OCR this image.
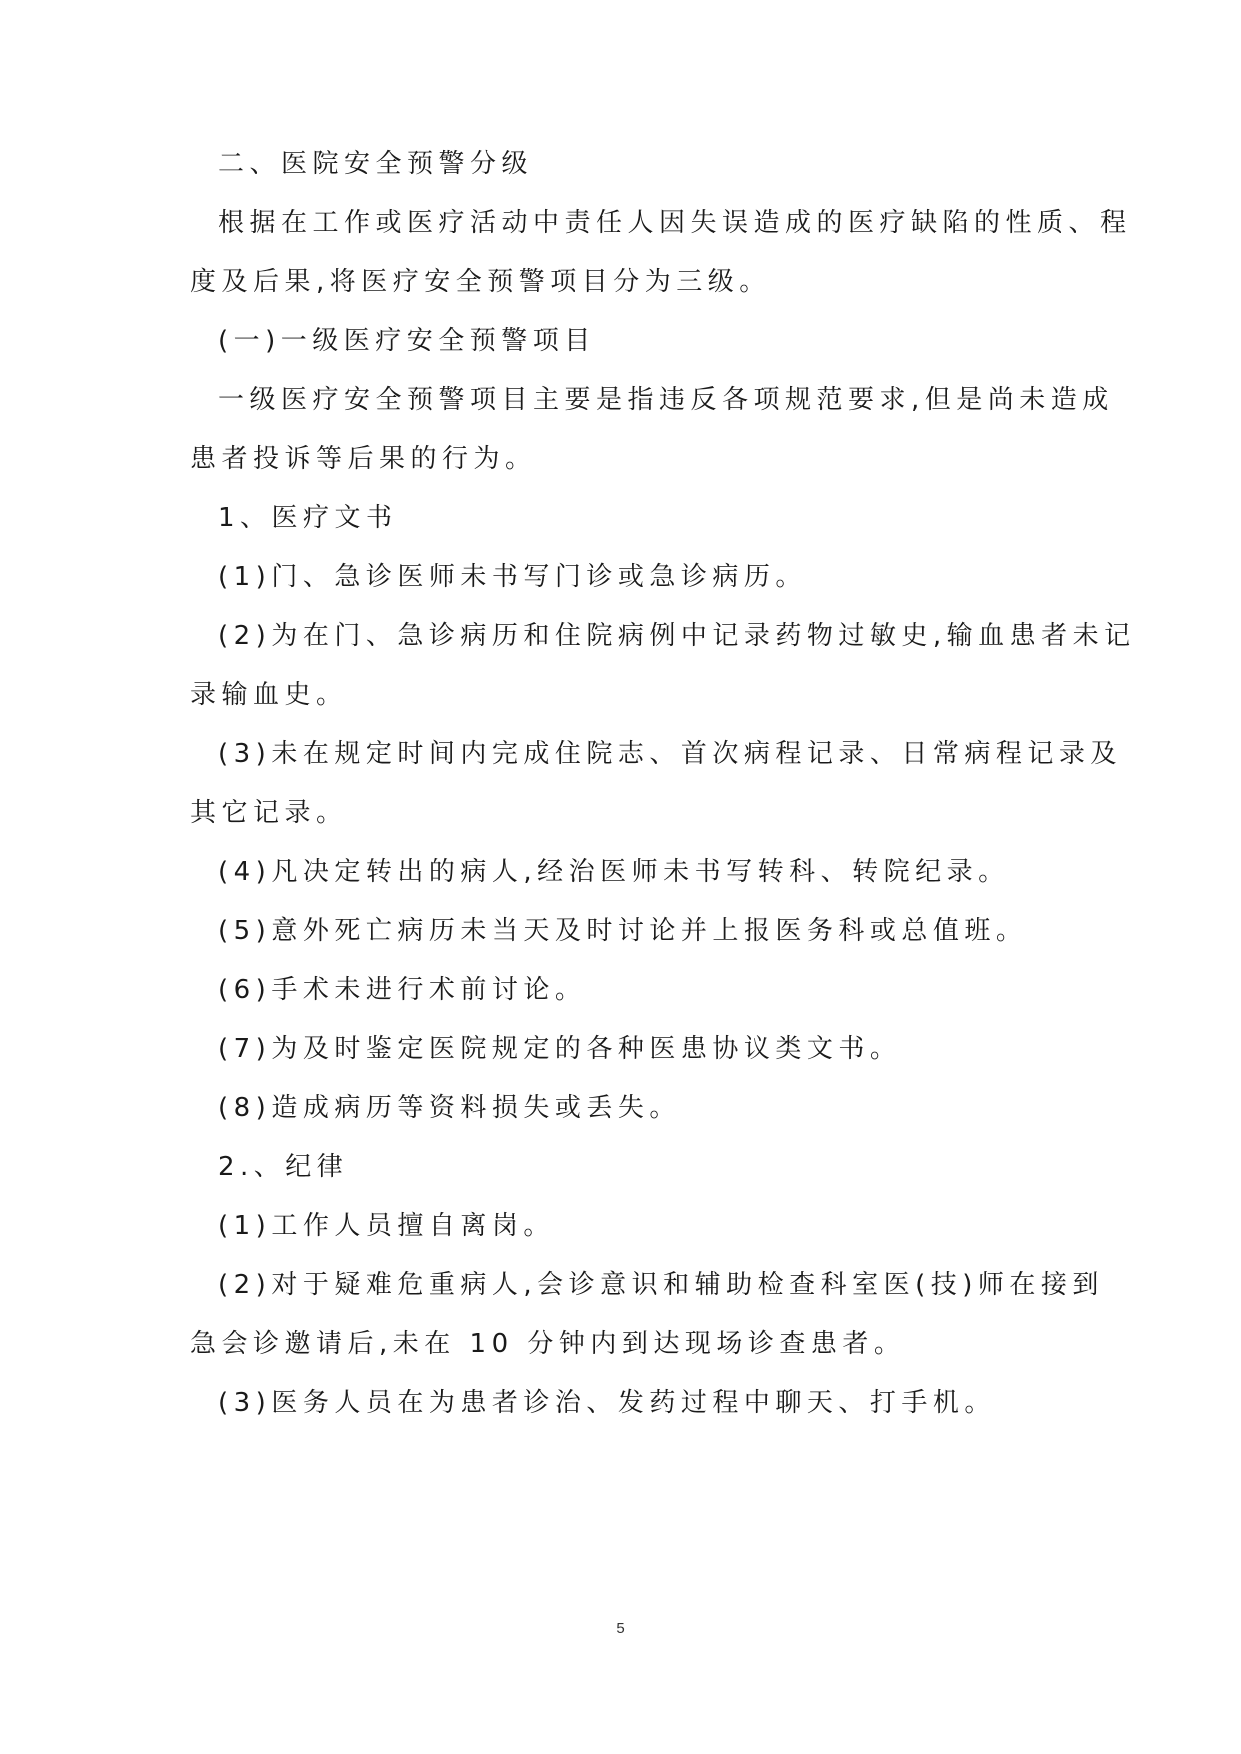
二、医院安全预警分级
根据在工作或医疗活动中责任人因失误造成的医疗缺陷的性质、程
度及后果,将医疗安全预警项目分为三级。
(一)一级医疗安全预警项目
一级医疗安全预警项目主要是指违反各项规范要求,但是尚未造成
患者投诉等后果的行为。
1、医疗文书
(1)门、急诊医师未书写门诊或急诊病历。
(2)为在门、急诊病历和住院病例中记录药物过敏史,输血患者未记
录输血史。
(3)未在规定时间内完成住院志、首次病程记录、日常病程记录及
其它记录。
(4)凡决定转出的病人,经治医师未书写转科、转院纪录。
(5)意外死亡病历未当天及时讨论并上报医务科或总值班。
(6)手术未进行术前讨论。
(7)为及时鉴定医院规定的各种医患协议类文书。
(8)造成病历等资料损失或丢失。
2.、纪律
(1)工作人员擅自离岗。
(2)对于疑难危重病人,会诊意识和辅助检查科室医(技)师在接到
急会诊邀请后,未在 10 分钟内到达现场诊查患者。
(3)医务人员在为患者诊治、发药过程中聊天、打手机。
5
